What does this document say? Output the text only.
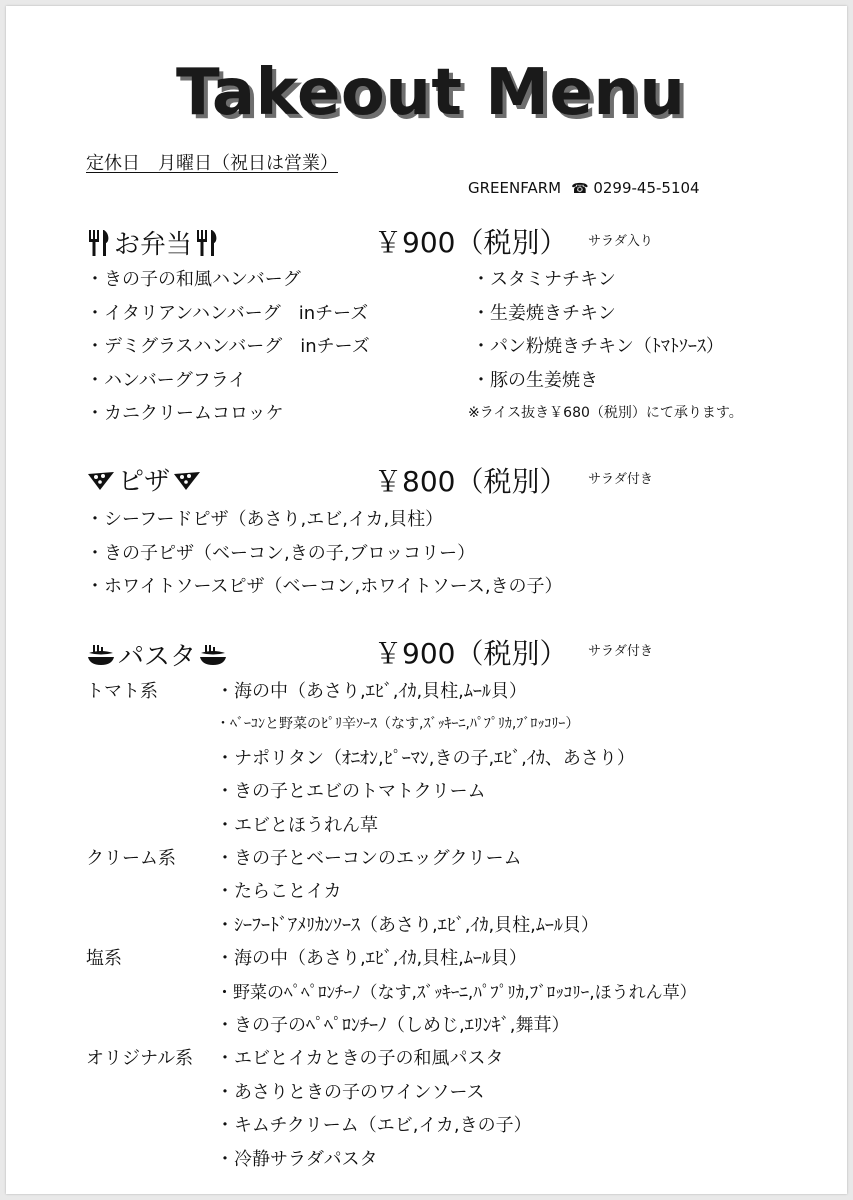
Takeout Menu
定休日　月曜日（祝日は営業）
GREENFARM ☎ 0299-45-5104
お弁当	￥900（税別） サラダ入り
・きの子の和風ハンバーグ
・イタリアンハンバーグ　inチーズ
・デミグラスハンバーグ　inチーズ
・ハンバーグフライ
・カニクリームコロッケ
・スタミナチキン
・生姜焼きチキン
・パン粉焼きチキン（ﾄﾏﾄｿｰｽ）
・豚の生姜焼き
※ライス抜き￥680（税別）にて承ります。
ピザ	￥800（税別） サラダ付き
・シーフードピザ（あさり,エビ,イカ,貝柱）
・きの子ピザ（ベーコン,きの子,ブロッコリー）
・ホワイトソースピザ（ベーコン,ホワイトソース,きの子）
パスタ	￥900（税別） サラダ付き
トマト系	・海の中（あさり,ｴﾋﾞ,ｲｶ,貝柱,ﾑｰﾙ貝）
・ﾍﾞｰｺﾝと野菜のﾋﾟﾘ辛ｿｰｽ（なす,ｽﾞｯｷｰﾆ,ﾊﾟﾌﾟﾘｶ,ﾌﾞﾛｯｺﾘｰ）
・ナポリタン（ｵﾆｵﾝ,ﾋﾟｰﾏﾝ,きの子,ｴﾋﾞ,ｲｶ、あさり）
・きの子とエビのトマトクリーム
・エビとほうれん草
クリーム系 ・きの子とベーコンのエッグクリーム
・たらことイカ
・ｼｰﾌｰﾄﾞｱﾒﾘｶﾝｿｰｽ（あさり,ｴﾋﾞ,ｲｶ,貝柱,ﾑｰﾙ貝）
塩系	・海の中（あさり,ｴﾋﾞ,ｲｶ,貝柱,ﾑｰﾙ貝）
・野菜のﾍﾟﾍﾟﾛﾝﾁｰﾉ（なす,ｽﾞｯｷｰﾆ,ﾊﾟﾌﾟﾘｶ,ﾌﾞﾛｯｺﾘｰ,ほうれん草）
・きの子のﾍﾟﾍﾟﾛﾝﾁｰﾉ（しめじ,ｴﾘﾝｷﾞ,舞茸）
オリジナル系 ・エビとイカときの子の和風パスタ
・あさりときの子のワインソース
・キムチクリーム（エビ,イカ,きの子）
・冷静サラダパスタ
